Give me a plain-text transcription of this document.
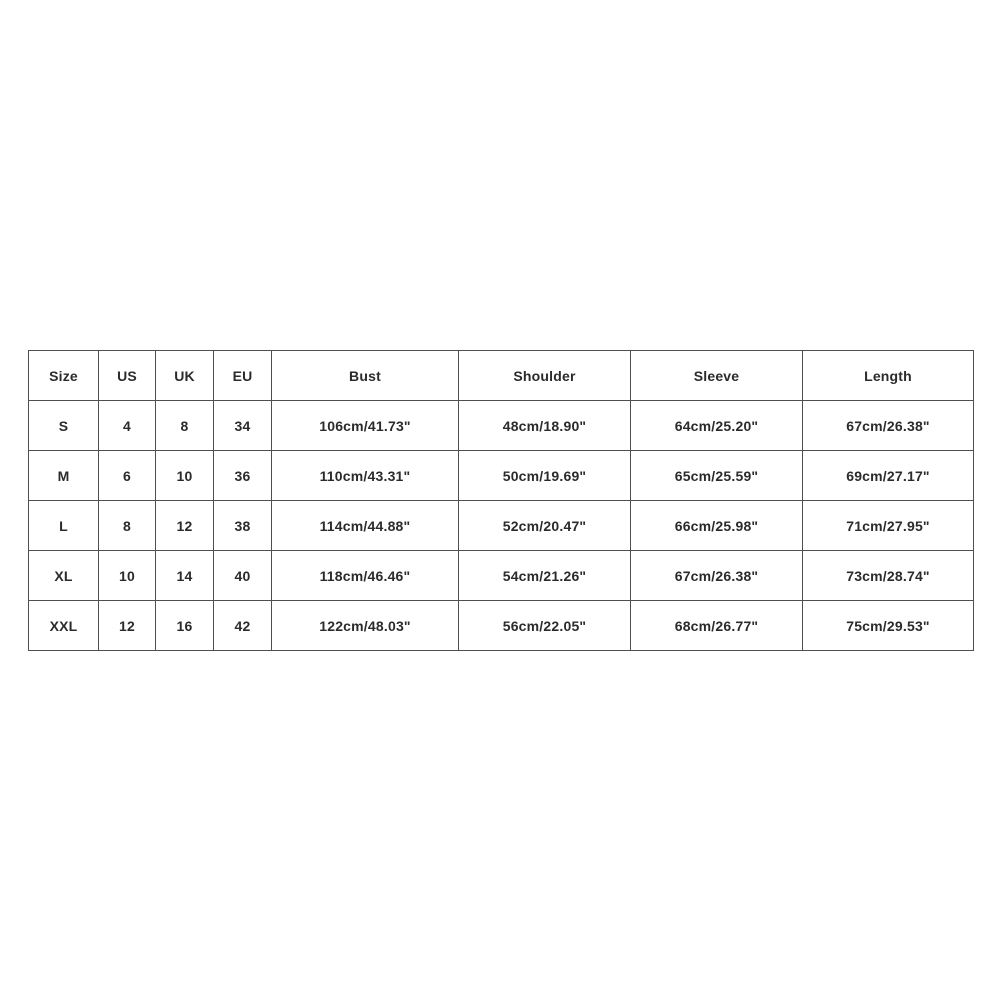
Size	US	UK	EU	Bust	Shoulder	Sleeve	Length
S	4	8	34	106cm/41.73"	48cm/18.90"	64cm/25.20"	67cm/26.38"
M	6	10	36	110cm/43.31"	50cm/19.69"	65cm/25.59"	69cm/27.17"
L	8	12	38	114cm/44.88"	52cm/20.47"	66cm/25.98"	71cm/27.95"
XL	10	14	40	118cm/46.46"	54cm/21.26"	67cm/26.38"	73cm/28.74"
XXL	12	16	42	122cm/48.03"	56cm/22.05"	68cm/26.77"	75cm/29.53"
